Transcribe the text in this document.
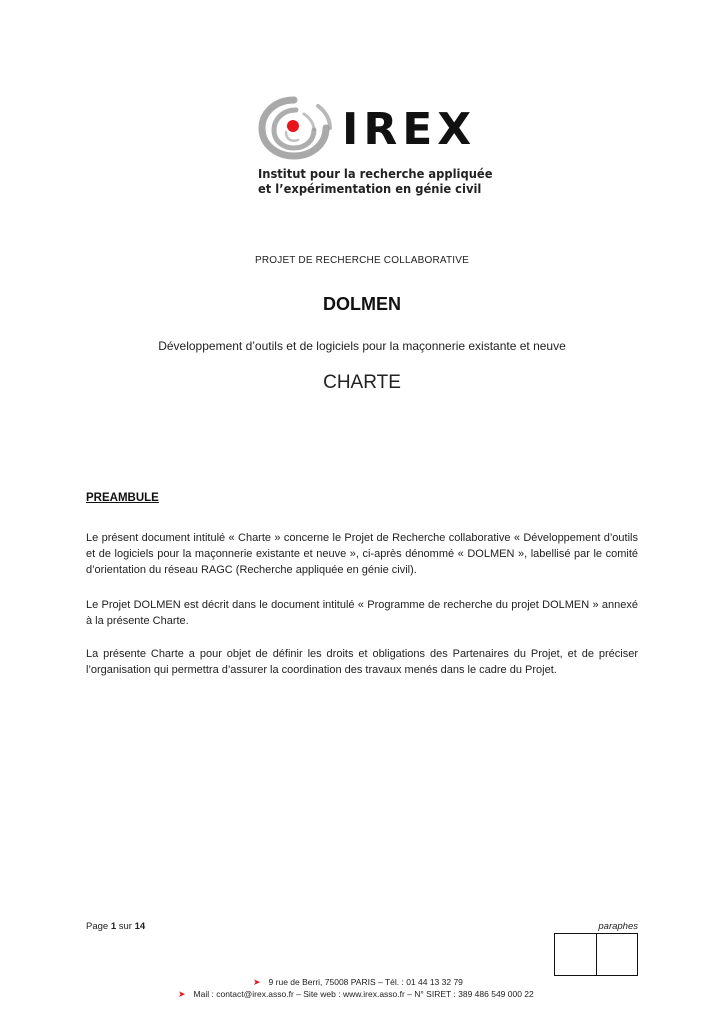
IREX
Institut pour la recherche appliquée
et l’expérimentation en génie civil
PROJET DE RECHERCHE COLLABORATIVE
DOLMEN
Développement d’outils et de logiciels pour la maçonnerie existante et neuve
CHARTE
PREAMBULE
Le présent document intitulé « Charte » concerne le Projet de Recherche collaborative « Développement d’outils et de logiciels pour la maçonnerie existante et neuve », ci-après dénommé « DOLMEN », labellisé par le comité d’orientation du réseau RAGC (Recherche appliquée en génie civil).
Le Projet DOLMEN est décrit dans le document intitulé « Programme de recherche du projet DOLMEN » annexé à la présente Charte.
La présente Charte a pour objet de définir les droits et obligations des Partenaires du Projet, et de préciser l’organisation qui permettra d’assurer la coordination des travaux menés dans le cadre du Projet.
Page 1 sur 14	paraphes
➤ 9 rue de Berri, 75008 PARIS – Tél. : 01 44 13 32 79
➤ Mail : contact@irex.asso.fr – Site web : www.irex.asso.fr – N° SIRET : 389 486 549 000 22
